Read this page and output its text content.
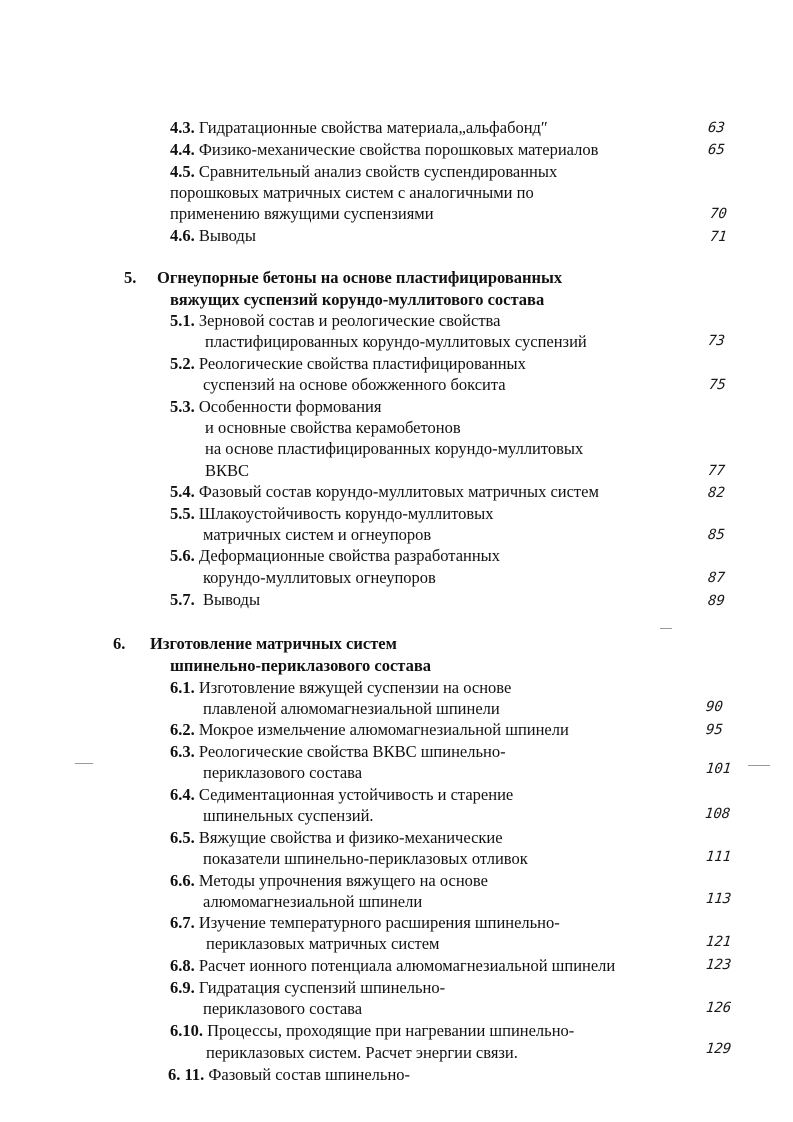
4.3. Гидратационные свойства материала„альфабонд″	63
4.4. Физико-механические свойства порошковых материалов	65
4.5. Сравнительный анализ свойств суспендированных
порошковых матричных систем с аналогичными по
применению вяжущими суспензиями	70
4.6. Выводы	71
5. Огнеупорные бетоны на основе пластифицированных
вяжущих суспензий корундо-муллитового состава
5.1. Зерновой состав и реологические свойства
пластифицированных корундо-муллитовых суспензий	73
5.2. Реологические свойства пластифицированных
суспензий на основе обожженного боксита	75
5.3. Особенности формования
и основные свойства керамобетонов
на основе пластифицированных корундо-муллитовых
ВКВС	77
5.4. Фазовый состав корундо-муллитовых матричных систем	82
5.5. Шлакоустойчивость корундо-муллитовых
матричных систем и огнеупоров	85
5.6. Деформационные свойства разработанных
корундо-муллитовых огнеупоров	87
5.7. Выводы	89
6. Изготовление матричных систем
шпинельно-периклазового состава
6.1. Изготовление вяжущей суспензии на основе
плавленой алюмомагнезиальной шпинели	90
6.2. Мокрое измельчение алюмомагнезиальной шпинели	95
6.3. Реологические свойства ВКВС шпинельно-
периклазового состава	101
6.4. Седиментационная устойчивость и старение
шпинельных суспензий.	108
6.5. Вяжущие свойства и физико-механические
показатели шпинельно-периклазовых отливок	111
6.6. Методы упрочнения вяжущего на основе
алюмомагнезиальной шпинели	113
6.7. Изучение температурного расширения шпинельно-
периклазовых матричных систем	121
6.8. Расчет ионного потенциала алюмомагнезиальной шпинели	123
6.9. Гидратация суспензий шпинельно-
периклазового состава	126
6.10. Процессы, проходящие при нагревании шпинельно-
периклазовых систем. Расчет энергии связи.	129
6. 11. Фазовый состав шпинельно-
